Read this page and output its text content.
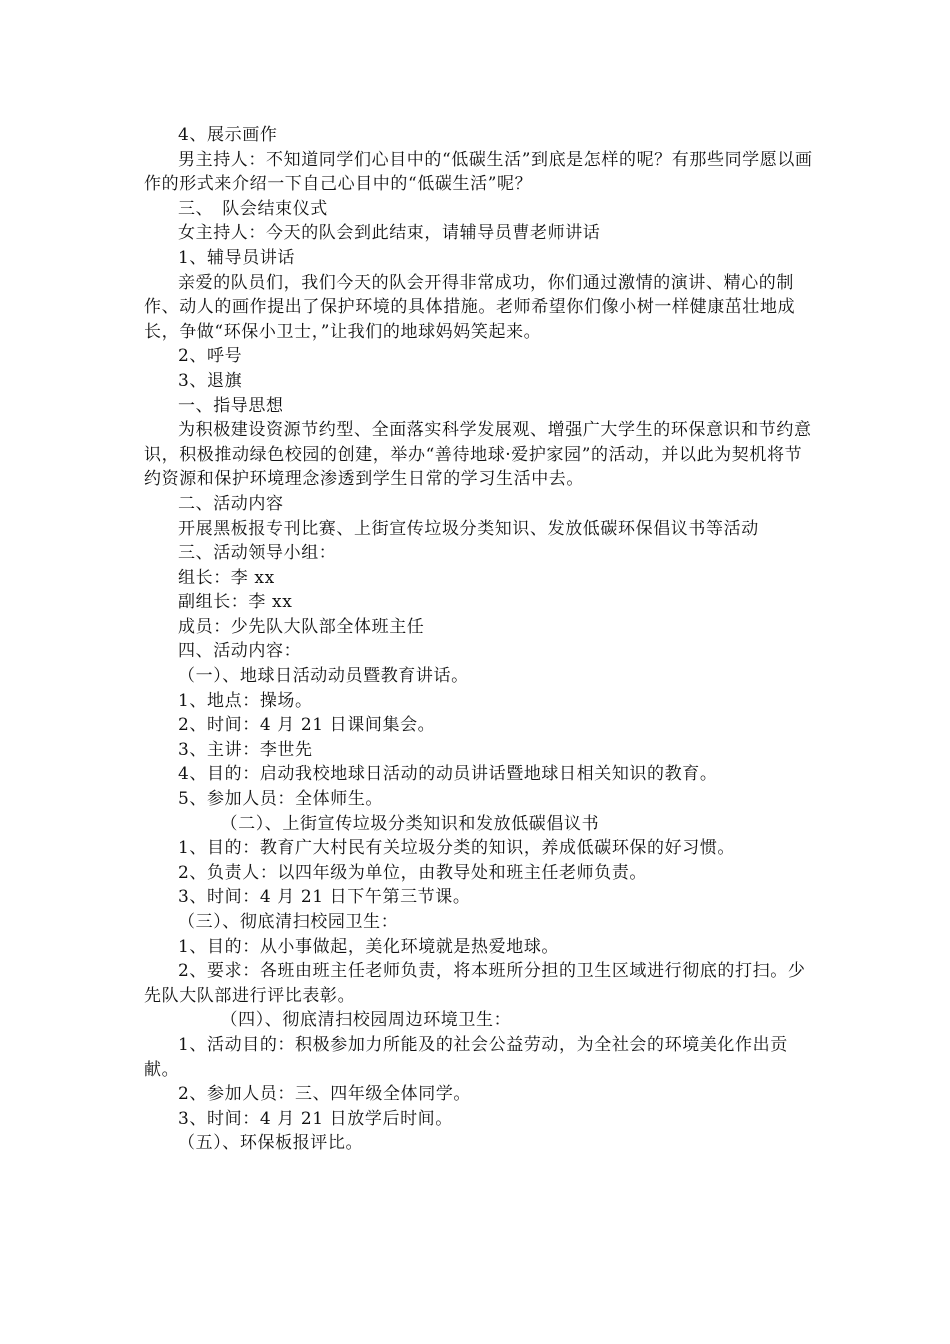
4、展示画作

男主持人：不知道同学们心目中的“低碳生活”到底是怎样的呢？有那些同学愿以画作的形式来介绍一下自己心目中的“低碳生活”呢？

三、　队会结束仪式

女主持人：今天的队会到此结束，请辅导员曹老师讲话

1、辅导员讲话

亲爱的队员们，我们今天的队会开得非常成功，你们通过激情的演讲、精心的制作、动人的画作提出了保护环境的具体措施。老师希望你们像小树一样健康茁壮地成长，争做“环保小卫士，”让我们的地球妈妈笑起来。

2、呼号

3、退旗

一、指导思想

为积极建设资源节约型、全面落实科学发展观、增强广大学生的环保意识和节约意识，积极推动绿色校园的创建，举办“善待地球·爱护家园”的活动，并以此为契机将节约资源和保护环境理念渗透到学生日常的学习生活中去。

二、活动内容

开展黑板报专刊比赛、上街宣传垃圾分类知识、发放低碳环保倡议书等活动

三、活动领导小组：

组长：李 xx

副组长：李 xx

成员：少先队大队部全体班主任

四、活动内容：

（一）、地球日活动动员暨教育讲话。

1、地点：操场。

2、时间：4 月 21 日课间集会。

3、主讲：李世先

4、目的：启动我校地球日活动的动员讲话暨地球日相关知识的教育。

5、参加人员：全体师生。

（二）、上街宣传垃圾分类知识和发放低碳倡议书

1、目的：教育广大村民有关垃圾分类的知识，养成低碳环保的好习惯。

2、负责人：以四年级为单位，由教导处和班主任老师负责。

3、时间：4 月 21 日下午第三节课。

（三）、彻底清扫校园卫生：

1、目的：从小事做起，美化环境就是热爱地球。

2、要求：各班由班主任老师负责，将本班所分担的卫生区域进行彻底的打扫。少先队大队部进行评比表彰。

（四）、彻底清扫校园周边环境卫生：

1、活动目的：积极参加力所能及的社会公益劳动，为全社会的环境美化作出贡献。

2、参加人员：三、四年级全体同学。

3、时间：4 月 21 日放学后时间。

（五）、环保板报评比。
